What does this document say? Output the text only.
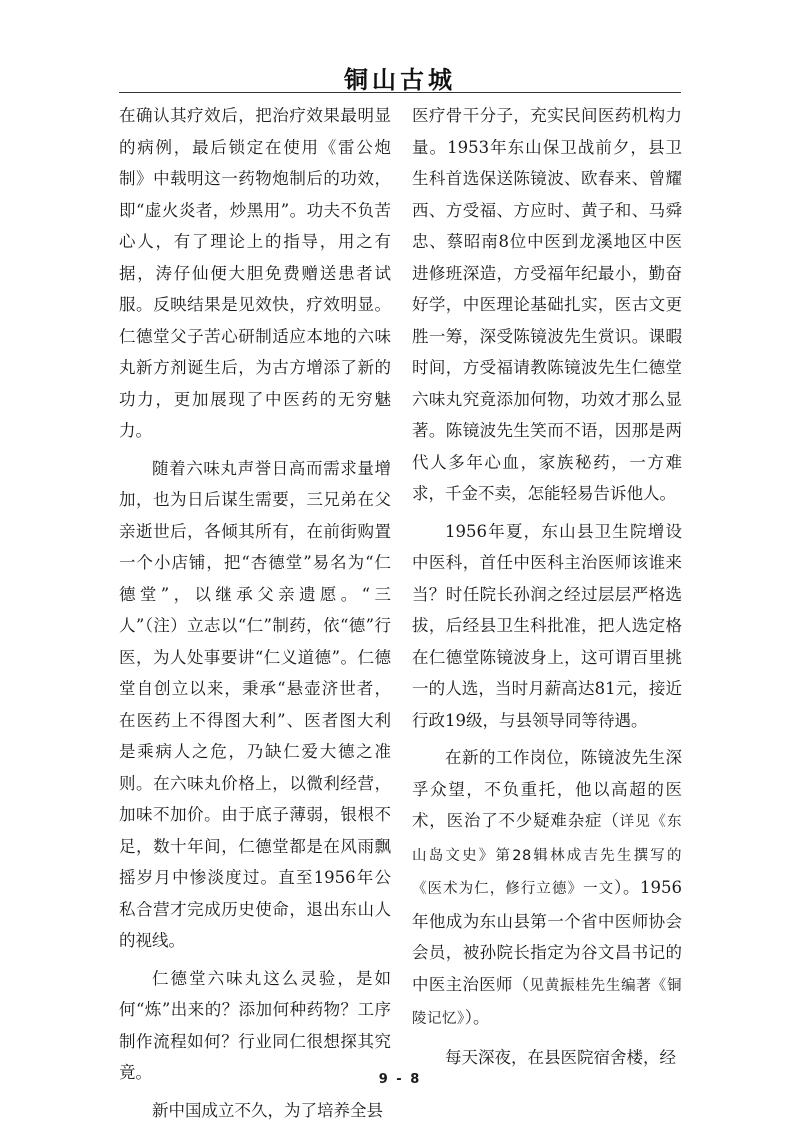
铜山古城

在确认其疗效后，把治疗效果最明显的病例，最后锁定在使用《雷公炮制》中载明这一药物炮制后的功效，即“虚火炎者，炒黑用”。功夫不负苦心人，有了理论上的指导，用之有据，涛仔仙便大胆免费赠送患者试服。反映结果是见效快，疗效明显。仁德堂父子苦心研制适应本地的六味丸新方剂诞生后，为古方增添了新的功力，更加展现了中医药的无穷魅力。

随着六味丸声誉日高而需求量增加，也为日后谋生需要，三兄弟在父亲逝世后，各倾其所有，在前街购置一个小店铺，把“杏德堂”易名为“仁德堂”，以继承父亲遗愿。“三人”（注）立志以“仁”制药，依“德”行医，为人处事要讲“仁义道德”。仁德堂自创立以来，秉承“悬壶济世者，在医药上不得图大利”、医者图大利是乘病人之危，乃缺仁爱大德之准则。在六味丸价格上，以微利经营，加味不加价。由于底子薄弱，银根不足，数十年间，仁德堂都是在风雨飘摇岁月中惨淡度过。直至1956年公私合营才完成历史使命，退出东山人的视线。

仁德堂六味丸这么灵验，是如何“炼”出来的？添加何种药物？工序制作流程如何？行业同仁很想探其究竟。

新中国成立不久，为了培养全县

医疗骨干分子，充实民间医药机构力量。1953年东山保卫战前夕，县卫生科首选保送陈镜波、欧春来、曾耀西、方受福、方应时、黄子和、马舜忠、蔡昭南8位中医到龙溪地区中医进修班深造，方受福年纪最小，勤奋好学，中医理论基础扎实，医古文更胜一筹，深受陈镜波先生赏识。课暇时间，方受福请教陈镜波先生仁德堂六味丸究竟添加何物，功效才那么显著。陈镜波先生笑而不语，因那是两代人多年心血，家族秘药，一方难求，千金不卖，怎能轻易告诉他人。

1956年夏，东山县卫生院增设中医科，首任中医科主治医师该谁来当？时任院长孙润之经过层层严格选拔，后经县卫生科批准，把人选定格在仁德堂陈镜波身上，这可谓百里挑一的人选，当时月薪高达81元，接近行政19级，与县领导同等待遇。

在新的工作岗位，陈镜波先生深孚众望，不负重托，他以高超的医术，医治了不少疑难杂症（详见《东山岛文史》第28辑林成吉先生撰写的《医术为仁，修行立德》一文）。1956年他成为东山县第一个省中医师协会会员，被孙院长指定为谷文昌书记的中医主治医师（见黄振桂先生编著《铜陵记忆》）。

每天深夜，在县医院宿舍楼，经

9 - 8
